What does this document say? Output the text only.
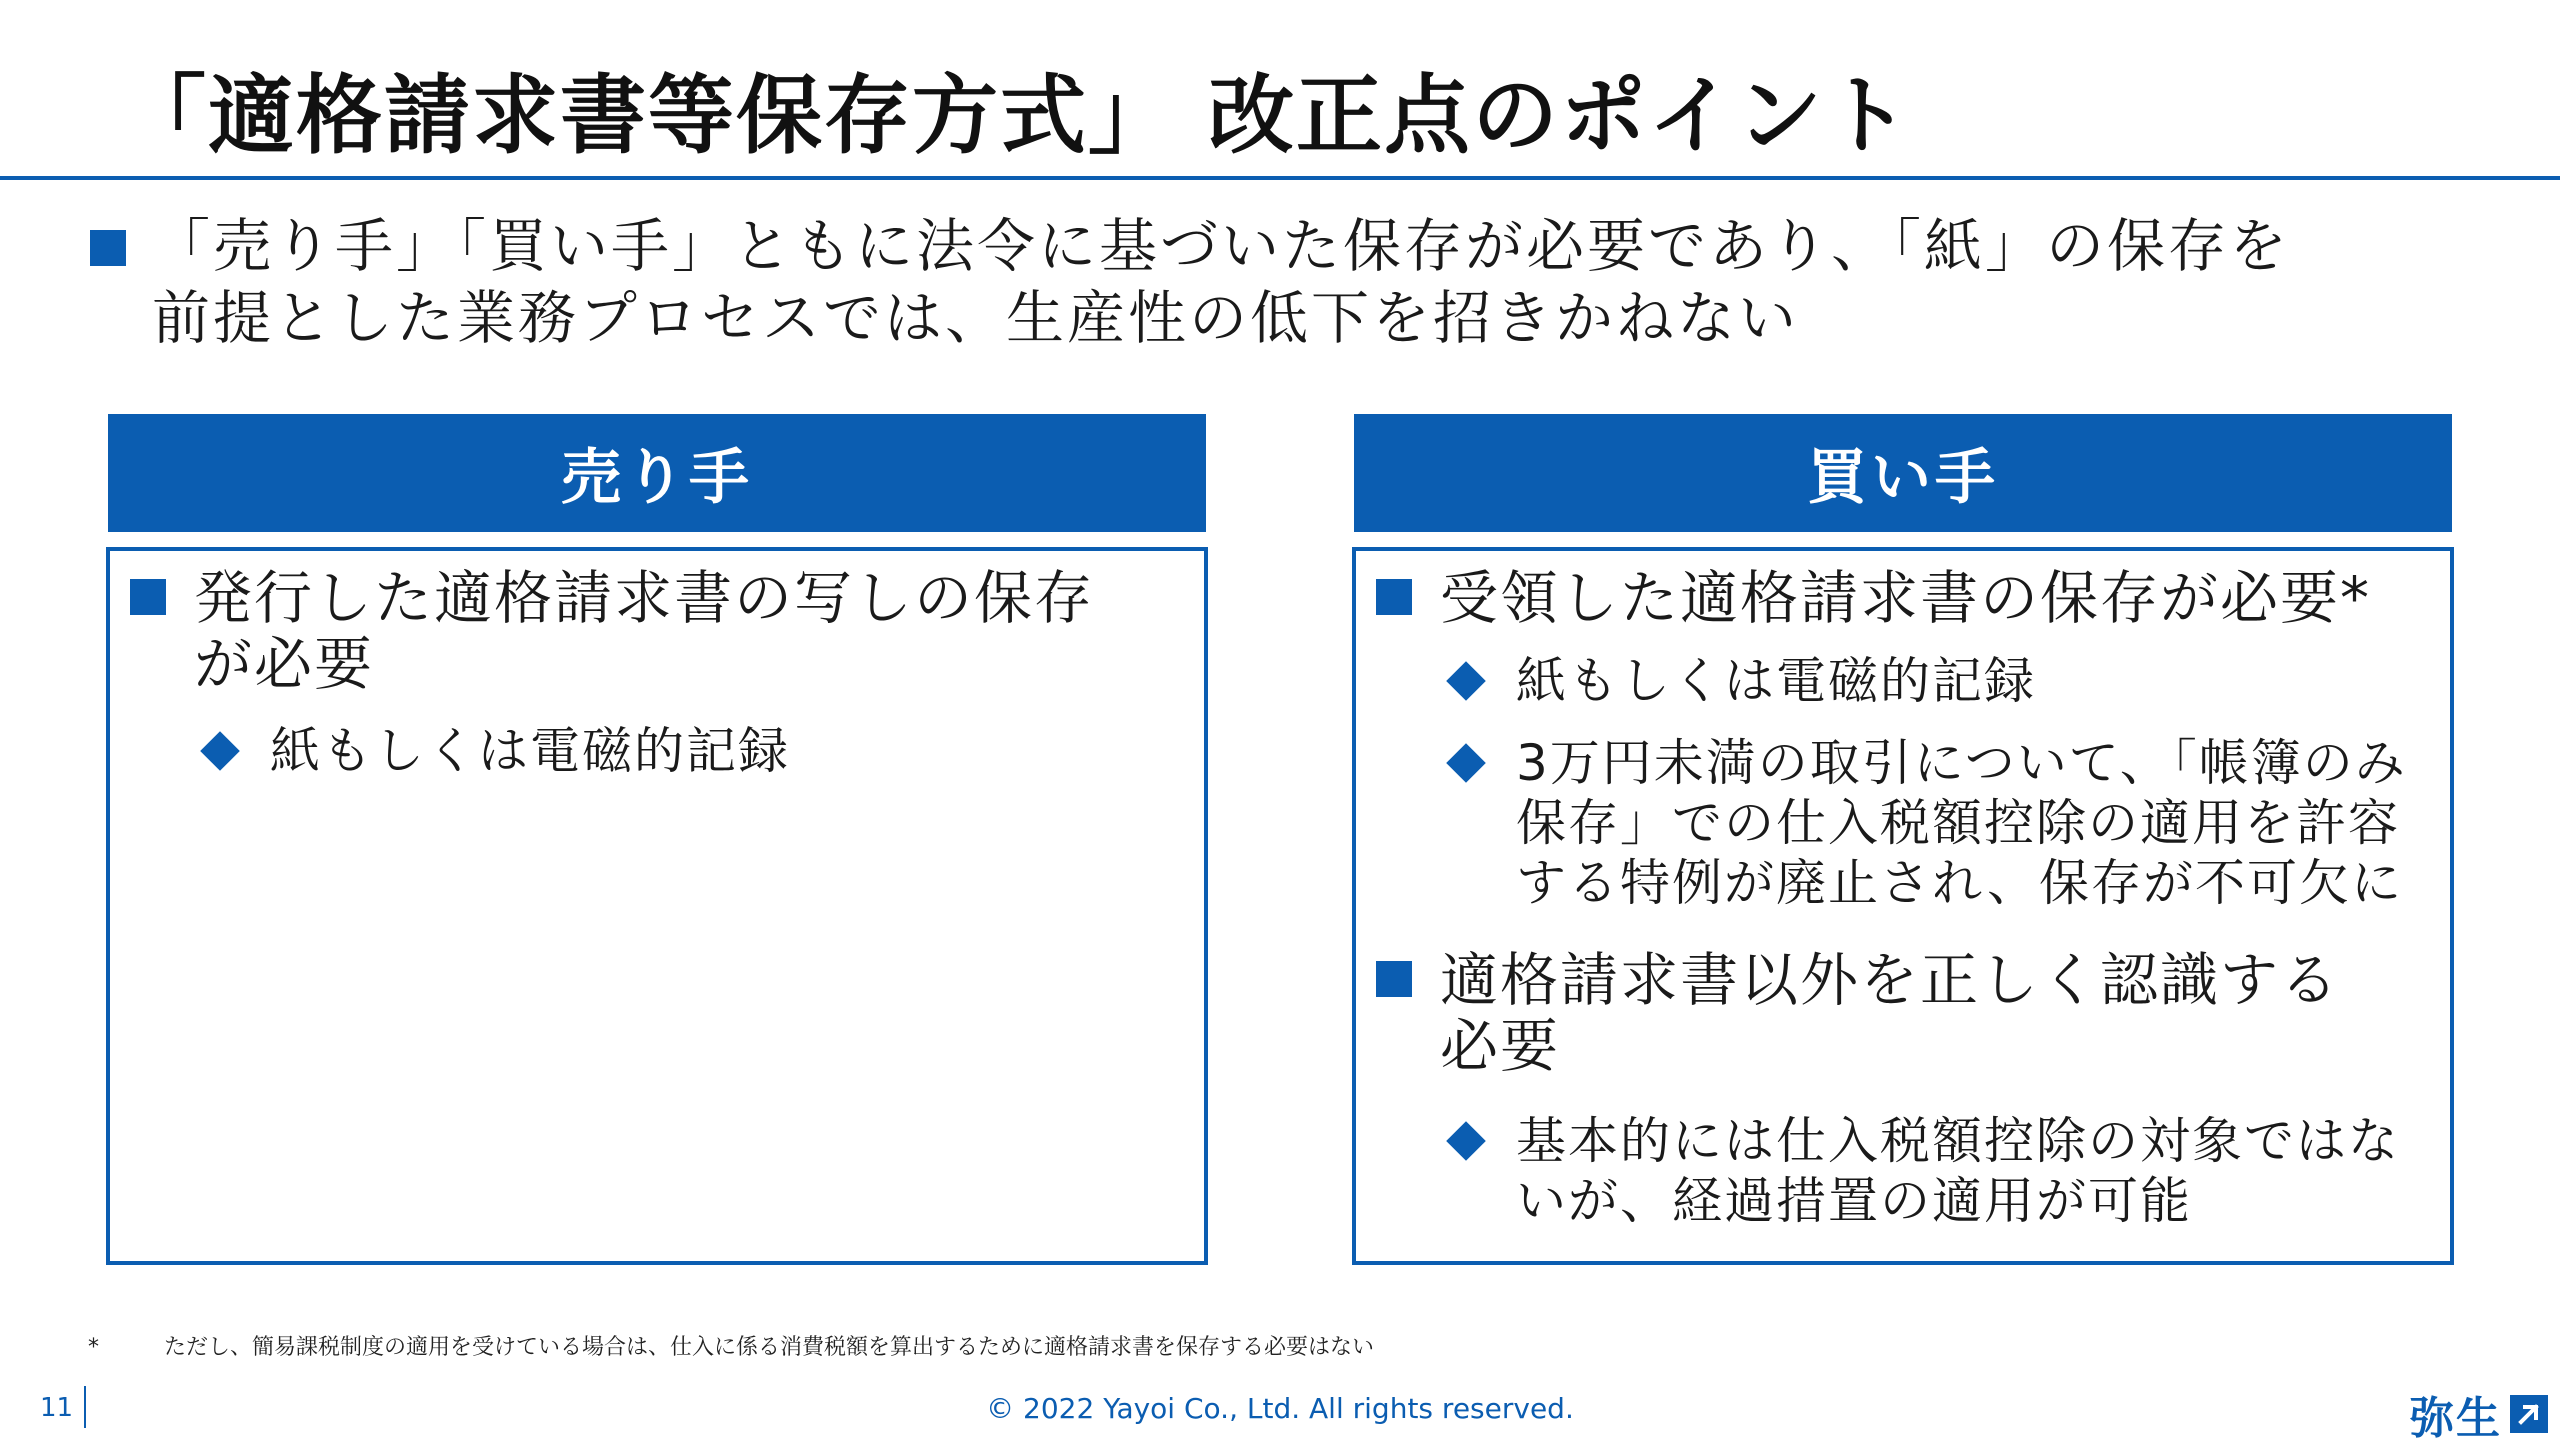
「適格請求書等保存方式」 改正点のポイント
「売り手」「買い手」ともに法令に基づいた保存が必要であり、「紙」の保存を
前提とした業務プロセスでは、生産性の低下を招きかねない
売り手
発行した適格請求書の写しの保存
が必要
紙もしくは電磁的記録
買い手
受領した適格請求書の保存が必要*
紙もしくは電磁的記録
3万円未満の取引について、「帳簿のみ
保存」での仕入税額控除の適用を許容
する特例が廃止され、保存が不可欠に
適格請求書以外を正しく認識する
必要
基本的には仕入税額控除の対象ではな
いが、経過措置の適用が可能
*	ただし、簡易課税制度の適用を受けている場合は、仕入に係る消費税額を算出するために適格請求書を保存する必要はない
11	© 2022 Yayoi Co., Ltd. All rights reserved.	弥生
